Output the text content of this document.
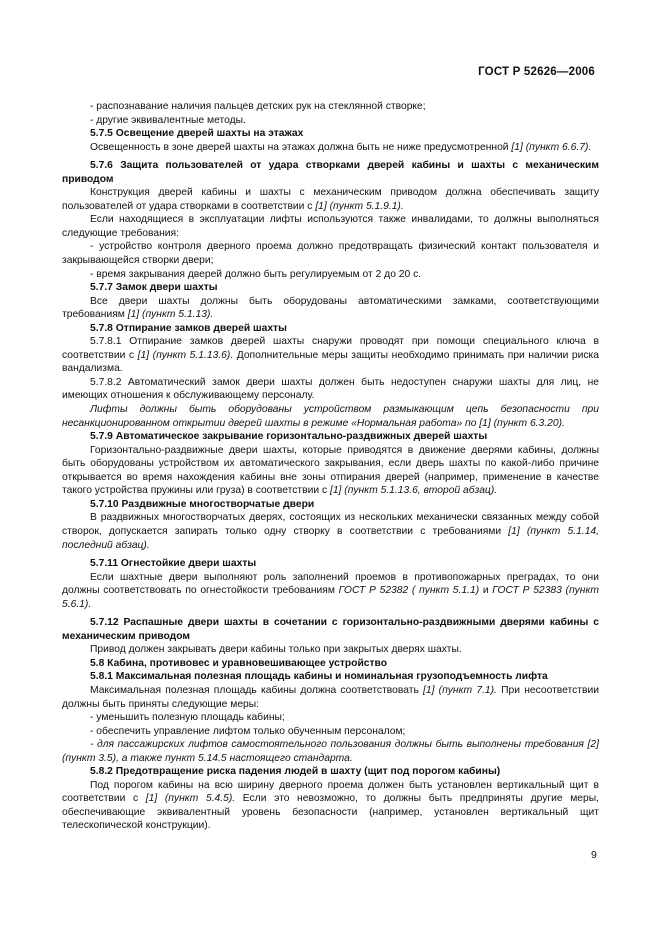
ГОСТ Р 52626—2006

- распознавание наличия пальцев детских рук на стеклянной створке;

- другие эквивалентные методы.

5.7.5 Освещение дверей шахты на этажах

Освещенность в зоне дверей шахты на этажах должна быть не ниже предусмотренной [1] (пункт 6.6.7).

5.7.6 Защита пользователей от удара створками дверей кабины и шахты с механическим приводом

Конструкция дверей кабины и шахты с механическим приводом должна обеспечивать защиту пользователей от удара створками в соответствии с [1] (пункт 5.1.9.1).

Если находящиеся в эксплуатации лифты используются также инвалидами, то должны выполняться следующие требования:

- устройство контроля дверного проема должно предотвращать физический контакт пользователя и закрывающейся створки двери;

- время закрывания дверей должно быть регулируемым от 2 до 20 с.

5.7.7 Замок двери шахты

Все двери шахты должны быть оборудованы автоматическими замками, соответствующими требованиям [1] (пункт 5.1.13).

5.7.8 Отпирание замков дверей шахты

5.7.8.1 Отпирание замков дверей шахты снаружи проводят при помощи специального ключа в соответствии с [1] (пункт 5.1.13.6). Дополнительные меры защиты необходимо принимать при наличии риска вандализма.

5.7.8.2 Автоматический замок двери шахты должен быть недоступен снаружи шахты для лиц, не имеющих отношения к обслуживающему персоналу.

Лифты должны быть оборудованы устройством размыкающим цепь безопасности при несанкционированном открытии дверей шахты в режиме «Нормальная работа» по [1] (пункт 6.3.20).

5.7.9 Автоматическое закрывание горизонтально-раздвижных дверей шахты

Горизонтально-раздвижные двери шахты, которые приводятся в движение дверями кабины, должны быть оборудованы устройством их автоматического закрывания, если дверь шахты по какой-либо причине открывается во время нахождения кабины вне зоны отпирания дверей (например, применение в качестве такого устройства пружины или груза) в соответствии с [1] (пункт 5.1.13.6, второй абзац).

5.7.10 Раздвижные многостворчатые двери

В раздвижных многостворчатых дверях, состоящих из нескольких механически связанных между собой створок, допускается запирать только одну створку в соответствии с требованиями [1] (пункт 5.1.14, последний абзац).

5.7.11 Огнестойкие двери шахты

Если шахтные двери выполняют роль заполнений проемов в противопожарных преградах, то они должны соответствовать по огнестойкости требованиям ГОСТ Р 52382 ( пункт 5.1.1) и ГОСТ Р 52383 (пункт 5.6.1).

5.7.12 Распашные двери шахты в сочетании с горизонтально-раздвижными дверями кабины с механическим приводом

Привод должен закрывать двери кабины только при закрытых дверях шахты.

5.8 Кабина, противовес и уравновешивающее устройство

5.8.1 Максимальная полезная площадь кабины и номинальная грузоподъемность лифта

Максимальная полезная площадь кабины должна соответствовать [1] (пункт 7.1). При несоответствии должны быть приняты следующие меры:

- уменьшить полезную площадь кабины;

- обеспечить управление лифтом только обученным персоналом;

- для пассажирских лифтов самостоятельного пользования должны быть выполнены требования [2] (пункт 3.5), а также пункт 5.14.5 настоящего стандарта.

5.8.2 Предотвращение риска падения людей в шахту (щит под порогом кабины)

Под порогом кабины на всю ширину дверного проема должен быть установлен вертикальный щит в соответствии с [1] (пункт 5.4.5). Если это невозможно, то должны быть предприняты другие меры, обеспечивающие эквивалентный уровень безопасности (например, установлен вертикальный щит телескопической конструкции).

9
